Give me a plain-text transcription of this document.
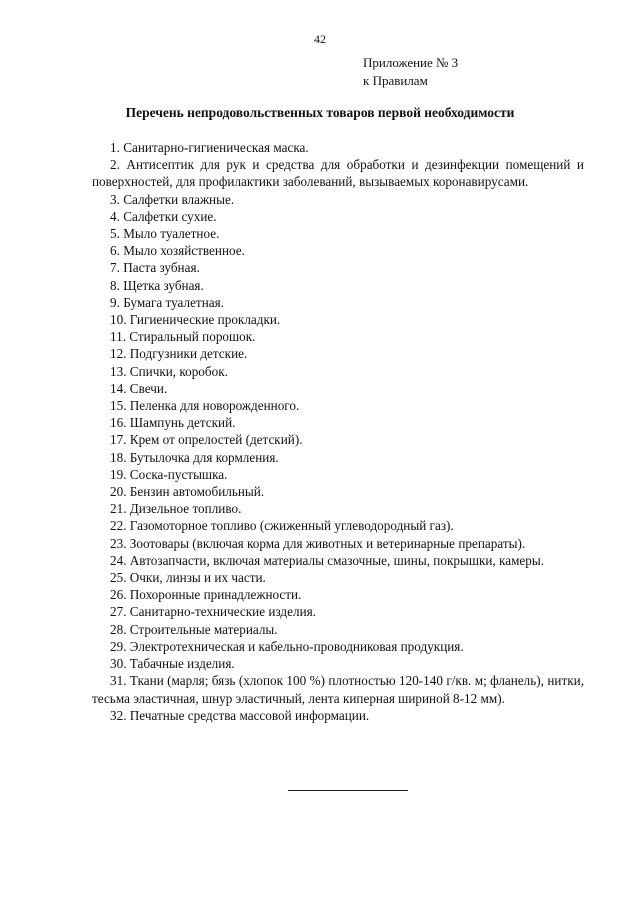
42
Приложение № 3
к Правилам
Перечень непродовольственных товаров первой необходимости

1. Санитарно-гигиеническая маска.

2. Антисептик для рук и средства для обработки и дезинфекции помещений и поверхностей, для профилактики заболеваний, вызываемых коронавирусами.

3. Салфетки влажные.

4. Салфетки сухие.

5. Мыло туалетное.

6. Мыло хозяйственное.

7. Паста зубная.

8. Щетка зубная.

9. Бумага туалетная.

10. Гигиенические прокладки.

11. Стиральный порошок.

12. Подгузники детские.

13. Спички, коробок.

14. Свечи.

15. Пеленка для новорожденного.

16. Шампунь детский.

17. Крем от опрелостей (детский).

18. Бутылочка для кормления.

19. Соска-пустышка.

20. Бензин автомобильный.

21. Дизельное топливо.

22. Газомоторное топливо (сжиженный углеводородный газ).

23. Зоотовары (включая корма для животных и ветеринарные препараты).

24. Автозапчасти, включая материалы смазочные, шины, покрышки, камеры.

25. Очки, линзы и их части.

26. Похоронные принадлежности.

27. Санитарно-технические изделия.

28. Строительные материалы.

29. Электротехническая и кабельно-проводниковая продукция.

30. Табачные изделия.

31. Ткани (марля; бязь (хлопок 100 %) плотностью 120-140 г/кв. м; фланель), нитки, тесьма эластичная, шнур эластичный, лента киперная шириной 8-12 мм).

32. Печатные средства массовой информации.
